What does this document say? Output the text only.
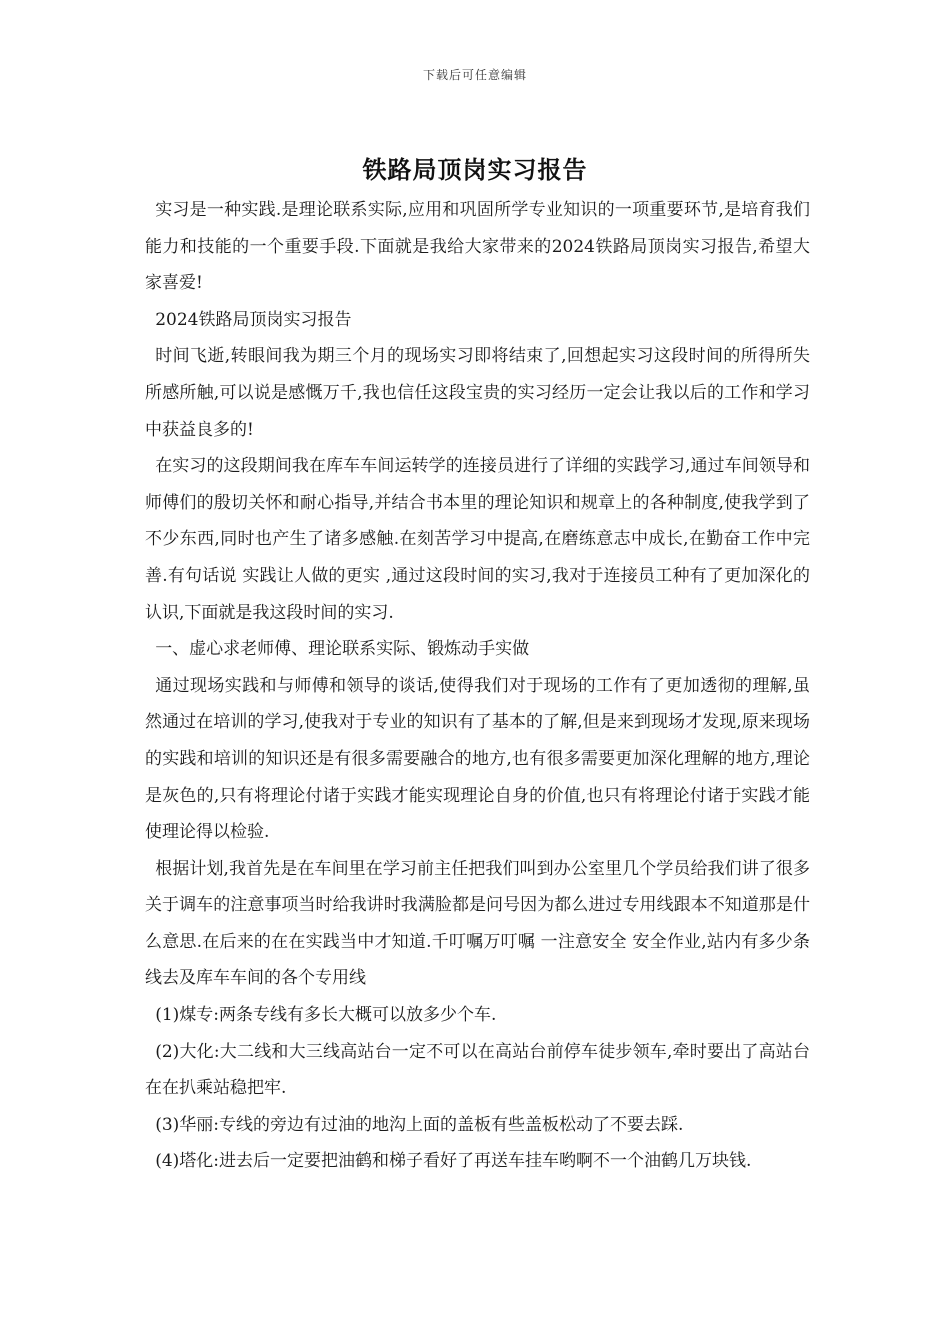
下载后可任意编辑
铁路局顶岗实习报告

实习是一种实践.是理论联系实际,应用和巩固所学专业知识的一项重要环节,是培育我们能力和技能的一个重要手段.下面就是我给大家带来的2024铁路局顶岗实习报告,希望大家喜爱!

2024铁路局顶岗实习报告

时间飞逝,转眼间我为期三个月的现场实习即将结束了,回想起实习这段时间的所得所失所感所触,可以说是感慨万千,我也信任这段宝贵的实习经历一定会让我以后的工作和学习中获益良多的!

在实习的这段期间我在库车车间运转学的连接员进行了详细的实践学习,通过车间领导和师傅们的殷切关怀和耐心指导,并结合书本里的理论知识和规章上的各种制度,使我学到了不少东西,同时也产生了诸多感触.在刻苦学习中提高,在磨练意志中成长,在勤奋工作中完善.有句话说 实践让人做的更实 ,通过这段时间的实习,我对于连接员工种有了更加深化的认识,下面就是我这段时间的实习.

一、虚心求老师傅、理论联系实际、锻炼动手实做

通过现场实践和与师傅和领导的谈话,使得我们对于现场的工作有了更加透彻的理解,虽然通过在培训的学习,使我对于专业的知识有了基本的了解,但是来到现场才发现,原来现场的实践和培训的知识还是有很多需要融合的地方,也有很多需要更加深化理解的地方,理论是灰色的,只有将理论付诸于实践才能实现理论自身的价值,也只有将理论付诸于实践才能使理论得以检验.

根据计划,我首先是在车间里在学习前主任把我们叫到办公室里几个学员给我们讲了很多关于调车的注意事项当时给我讲时我满脸都是问号因为都么进过专用线跟本不知道那是什么意思.在后来的在在实践当中才知道.千叮嘱万叮嘱 一注意安全 安全作业,站内有多少条线去及库车车间的各个专用线

(1)煤专:两条专线有多长大概可以放多少个车.

(2)大化:大二线和大三线高站台一定不可以在高站台前停车徒步领车,牵时要出了高站台在在扒乘站稳把牢.

(3)华丽:专线的旁边有过油的地沟上面的盖板有些盖板松动了不要去踩.

(4)塔化:进去后一定要把油鹤和梯子看好了再送车挂车哟啊不一个油鹤几万块钱.
